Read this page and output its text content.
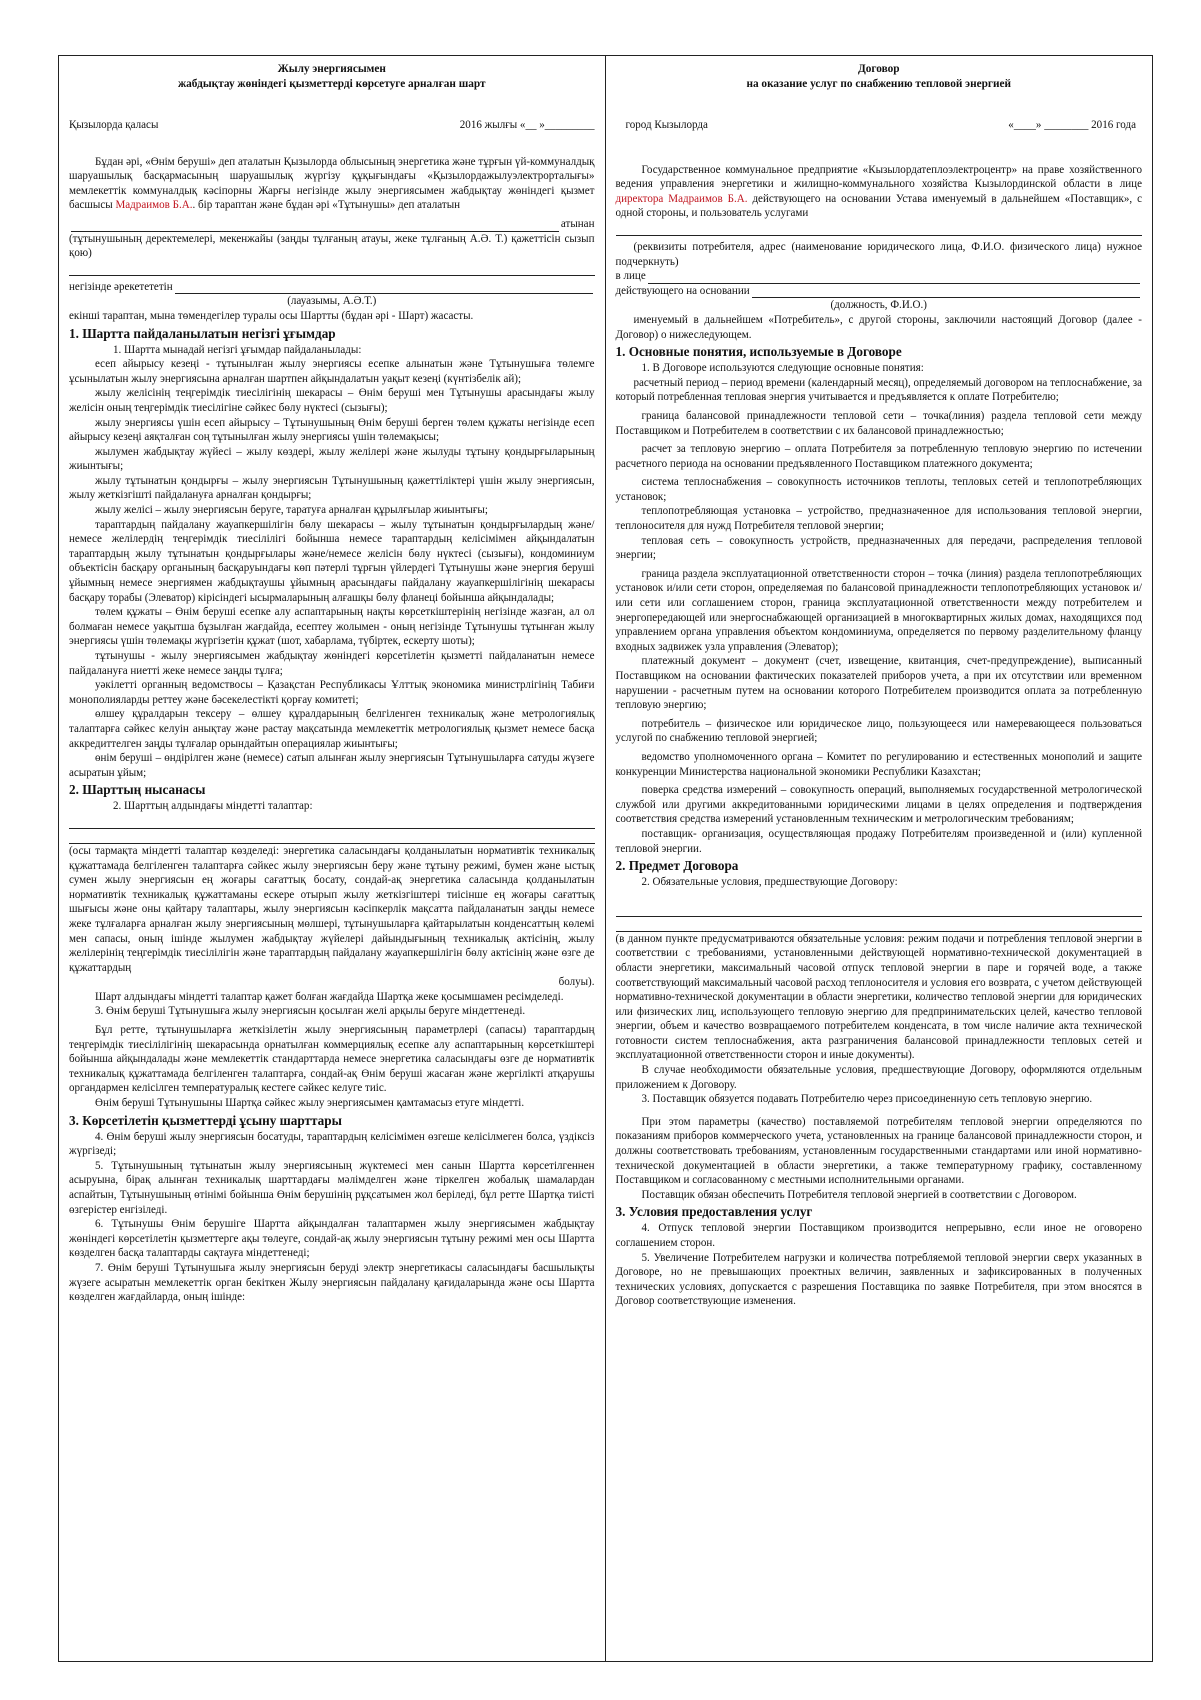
Жылу энергиясымен
жабдықтау жөніндегі қызметтерді көрсетуге арналған шарт
Қызылорда қаласы	2016 жылғы «__ »_________

Бұдан әрі, «Өнім беруші» деп аталатын Қызылорда облысының энергетика және тұрғын үй-коммуналдық шаруашылық басқармасының шаруашылық жүргізу құқығындағы «Қызылордажылуэлектрорталығы» мемлекеттік коммуналдық кәсіпорны Жарғы негізінде жылу энергиясымен жабдықтау жөніндегі қызмет басшысы Мадраимов Б.А.. бір тараптан және бұдан әрі «Тұтынушы» деп аталатын

атынан

(тұтынушының деректемелері, мекенжайы (заңды тұлғаның атауы, жеке тұлғаның А.Ә. Т.) қажеттісін сызып қою)

негізінде әрекетететін

(лауазымы, А.Ә.Т.)

екінші тараптан, мына төмендегілер туралы осы Шартты (бұдан әрі - Шарт) жасасты.

1. Шартта пайдаланылатын негізгі ұғымдар

1. Шартта мынадай негізгі ұғымдар пайдаланылады:

есеп айырысу кезеңі - тұтынылған жылу энергиясы есепке алынатын және Тұтынушыға төлемге ұсынылатын жылу энергиясына арналған шартпен айқындалатын уақыт кезеңі (күнтізбелік ай);

жылу желісінің теңгерімдік тиесілігінің шекарасы – Өнім беруші мен Тұтынушы арасындағы жылу желісін оның теңгерімдік тиесілігіне сәйкес бөлу нүктесі (сызығы);

жылу энергиясы үшін есеп айырысу – Тұтынушының Өнім беруші берген төлем құжаты негізінде есеп айырысу кезеңі аяқталған соң тұтынылған жылу энергиясы үшін төлемақысы;

жылумен жабдықтау жүйесі – жылу көздері, жылу желілері және жылуды тұтыну қондырғыларының жиынтығы;

жылу тұтынатын қондырғы – жылу энергиясын Тұтынушының қажеттіліктері үшін жылу энергиясын, жылу жеткізгішті пайдалануға арналған қондырғы;

жылу желісі – жылу энергиясын беруге, таратуға арналған құрылғылар жиынтығы;

тараптардың пайдалану жауапкершілігін бөлу шекарасы – жылу тұтынатын қондырғылардың және/немесе желілердің теңгерімдік тиесілілігі бойынша немесе тараптардың келісімімен айқындалатын тараптардың жылу тұтынатын қондырғылары және/немесе желісін бөлу нүктесі (сызығы), кондоминиум объектісін басқару органының басқаруындағы көп пәтерлі тұрғын үйлердегі Тұтынушы және энергия беруші ұйымның немесе энергиямен жабдықтаушы ұйымның арасындағы пайдалану жауапкершілігінің шекарасы басқару торабы (Элеватор) кірісіндегі ысырмаларының алғашқы бөлу фланеці бойынша айқындалады;

төлем құжаты – Өнім беруші есепке алу аспаптарының нақты көрсеткіштерінің негізінде жазған, ал ол болмаған немесе уақытша бұзылған жағдайда, есептеу жолымен - оның негізінде Тұтынушы тұтынған жылу энергиясы үшін төлемақы жүргізетін құжат (шот, хабарлама, түбіртек, ескерту шоты);

тұтынушы - жылу энергиясымен жабдықтау жөніндегі көрсетілетін қызметті пайдаланатын немесе пайдалануға ниетті жеке немесе заңды тұлға;

уәкілетті органның ведомствосы – Қазақстан Республикасы Ұлттық экономика министрлігінің Табиғи монополияларды реттеу және бәсекелестікті қорғау комитеті;

өлшеу құралдарын тексеру – өлшеу құралдарының белгіленген техникалық және метрологиялық талаптарға сәйкес келуін анықтау және растау мақсатында мемлекеттік метрологиялық қызмет немесе басқа аккредиттелген заңды тұлғалар орындайтын операциялар жиынтығы;

өнім беруші – өндірілген және (немесе) сатып алынған жылу энергиясын Тұтынушыларға сатуды жүзеге асыратын ұйым;

2. Шарттың нысанасы

2. Шарттың алдындағы міндетті талаптар:

(осы тармақта міндетті талаптар көзделеді: энергетика саласындағы қолданылатын нормативтік техникалық құжаттамада белгіленген талаптарға сәйкес жылу энергиясын беру және тұтыну режимі, бумен және ыстық сумен жылу энергиясын ең жоғары сағаттық босату, сондай-ақ энергетика саласында қолданылатын нормативтік техникалық құжаттаманы ескере отырып жылу жеткізгіштері тиісінше ең жоғары сағаттық шығысы және оны қайтару талаптары, жылу энергиясын кәсіпкерлік мақсатта пайдаланатын заңды немесе жеке тұлғаларға арналған жылу энергиясының мөлшері, тұтынушыларға қайтарылатын конденсаттың көлемі мен сапасы, оның ішінде жылумен жабдықтау жүйелері дайындығының техникалық актісінің, жылу желілерінің теңгерімдік тиесілілігін және тараптардың пайдалану жауапкершілігін бөлу актісінің және өзге де құжаттардың

болуы).

Шарт алдындағы міндетті талаптар қажет болған жағдайда Шартқа жеке қосымшамен ресімделеді.

3. Өнім беруші Тұтынушыға жылу энергиясын қосылған желі арқылы беруге міндеттенеді.

Бұл ретте, тұтынушыларға жеткізілетін жылу энергиясының параметрлері (сапасы) тараптардың теңгерімдік тиесілілігінің шекарасында орнатылған коммерциялық есепке алу аспаптарының көрсеткіштері бойынша айқындалады және мемлекеттік стандарттарда немесе энергетика саласындағы өзге де нормативтік техникалық құжаттамада белгіленген талаптарға, сондай-ақ Өнім беруші жасаған және жергілікті атқарушы органдармен келісілген температуралық кестеге сәйкес келуге тиіс.

Өнім беруші Тұтынушыны Шартқа сәйкес жылу энергиясымен қамтамасыз етуге міндетті.

3. Көрсетілетін қызметтерді ұсыну шарттары

4. Өнім беруші жылу энергиясын босатуды, тараптардың келісімімен өзгеше келісілмеген болса, үздіксіз жүргізеді;

5. Тұтынушының тұтынатын жылу энергиясының жүктемесі мен санын Шартта көрсетілгеннен асыруына, бірақ алынған техникалық шарттардағы мәлімделген және тіркелген жобалық шамалардан аспайтын, Тұтынушының өтінімі бойынша Өнім берушінің рұқсатымен жол беріледі, бұл ретте Шартқа тиісті өзгерістер енгізіледі.

6. Тұтынушы Өнім берушіге Шартта айқындалған талаптармен жылу энергиясымен жабдықтау жөніндегі көрсетілетін қызметтерге ақы төлеуге, сондай-ақ жылу энергиясын тұтыну режимі мен осы Шартта көзделген басқа талаптарды сақтауға міндеттенеді;

7. Өнім беруші Тұтынушыға жылу энергиясын беруді электр энергетикасы саласындағы басшылықты жүзеге асыратын мемлекеттік орган бекіткен Жылу энергиясын пайдалану қағидаларында және осы Шартта көзделген жағдайларда, оның ішінде:

Договор
на оказание услуг по снабжению тепловой энергией
город Кызылорда	«____» ________ 2016 года

Государственное коммунальное предприятие «Кызылордатеплоэлектроцентр» на праве хозяйственного ведения управления энергетики и жилищно-коммунального хозяйства Кызылординской области в лице директора Мадраимов Б.А. действующего на основании Устава именуемый в дальнейшем «Поставщик», с одной стороны, и пользователь услугами

(реквизиты потребителя, адрес (наименование юридического лица, Ф.И.О. физического лица) нужное подчеркнуть)

в лице
действующего на основании

(должность, Ф.И.О.)

именуемый в дальнейшем «Потребитель», с другой стороны, заключили настоящий Договор (далее - Договор) о нижеследующем.

1. Основные понятия, используемые в Договоре

1. В Договоре используются следующие основные понятия:

расчетный период – период времени (календарный месяц), определяемый договором на теплоснабжение, за который потребленная тепловая энергия учитывается и предъявляется к оплате Потребителю;

граница балансовой принадлежности тепловой сети – точка(линия) раздела тепловой сети между Поставщиком и Потребителем в соответствии с их балансовой принадлежностью;

расчет за тепловую энергию – оплата Потребителя за потребленную тепловую энергию по истечении расчетного периода на основании предъявленного Поставщиком платежного документа;

система теплоснабжения – совокупность источников теплоты, тепловых сетей и теплопотребляющих установок;

теплопотребляющая установка – устройство, предназначенное для использования тепловой энергии, теплоносителя для нужд Потребителя тепловой энергии;

тепловая сеть – совокупность устройств, предназначенных для передачи, распределения тепловой энергии;

граница раздела эксплуатационной ответственности сторон – точка (линия) раздела теплопотребляющих установок и/или сети сторон, определяемая по балансовой принадлежности теплопотребляющих установок и/или сети или соглашением сторон, граница эксплуатационной ответственности между потребителем и энергопередающей или энергоснабжающей организацией в многоквартирных жилых домах, находящихся под управлением органа управления объектом кондоминиума, определяется по первому разделительному фланцу входных задвижек узла управления (Элеватор);

платежный документ – документ (счет, извещение, квитанция, счет-предупреждение), выписанный Поставщиком на основании фактических показателей приборов учета, а при их отсутствии или временном нарушении - расчетным путем на основании которого Потребителем производится оплата за потребленную тепловую энергию;

потребитель – физическое или юридическое лицо, пользующееся или намеревающееся пользоваться услугой по снабжению тепловой энергией;

ведомство уполномоченного органа – Комитет по регулированию и естественных монополий и защите конкуренции Министерства национальной экономики Республики Казахстан;

поверка средства измерений – совокупность операций, выполняемых государственной метрологической службой или другими аккредитованными юридическими лицами в целях определения и подтверждения соответствия средства измерений установленным техническим и метрологическим требованиям;

поставщик- организация, осуществляющая продажу Потребителям произведенной и (или) купленной тепловой энергии.

2. Предмет Договора

2. Обязательные условия, предшествующие Договору:

(в данном пункте предусматриваются обязательные условия: режим подачи и потребления тепловой энергии в соответствии с требованиями, установленными действующей нормативно-технической документацией в области энергетики, максимальный часовой отпуск тепловой энергии в паре и горячей воде, а также соответствующий максимальный часовой расход теплоносителя и условия его возврата, с учетом действующей нормативно-технической документации в области энергетики, количество тепловой энергии для юридических или физических лиц, использующего тепловую энергию для предпринимательских целей, качество тепловой энергии, объем и качество возвращаемого потребителем конденсата, в том числе наличие акта технической готовности систем теплоснабжения, акта разграничения балансовой принадлежности тепловых сетей и эксплуатационной ответственности сторон и иные документы).

В случае необходимости обязательные условия, предшествующие Договору, оформляются отдельным приложением к Договору.

3. Поставщик обязуется подавать Потребителю через присоединенную сеть тепловую энергию.

При этом параметры (качество) поставляемой потребителям тепловой энергии определяются по показаниям приборов коммерческого учета, установленных на границе балансовой принадлежности сторон, и должны соответствовать требованиям, установленным государственными стандартами или иной нормативно-технической документацией в области энергетики, а также температурному графику, составленному Поставщиком и согласованному с местными исполнительными органами.

Поставщик обязан обеспечить Потребителя тепловой энергией в соответствии с Договором.

3. Условия предоставления услуг

4. Отпуск тепловой энергии Поставщиком производится непрерывно, если иное не оговорено соглашением сторон.

5. Увеличение Потребителем нагрузки и количества потребляемой тепловой энергии сверх указанных в Договоре, но не превышающих проектных величин, заявленных и зафиксированных в полученных технических условиях, допускается с разрешения Поставщика по заявке Потребителя, при этом вносятся в Договор соответствующие изменения.
